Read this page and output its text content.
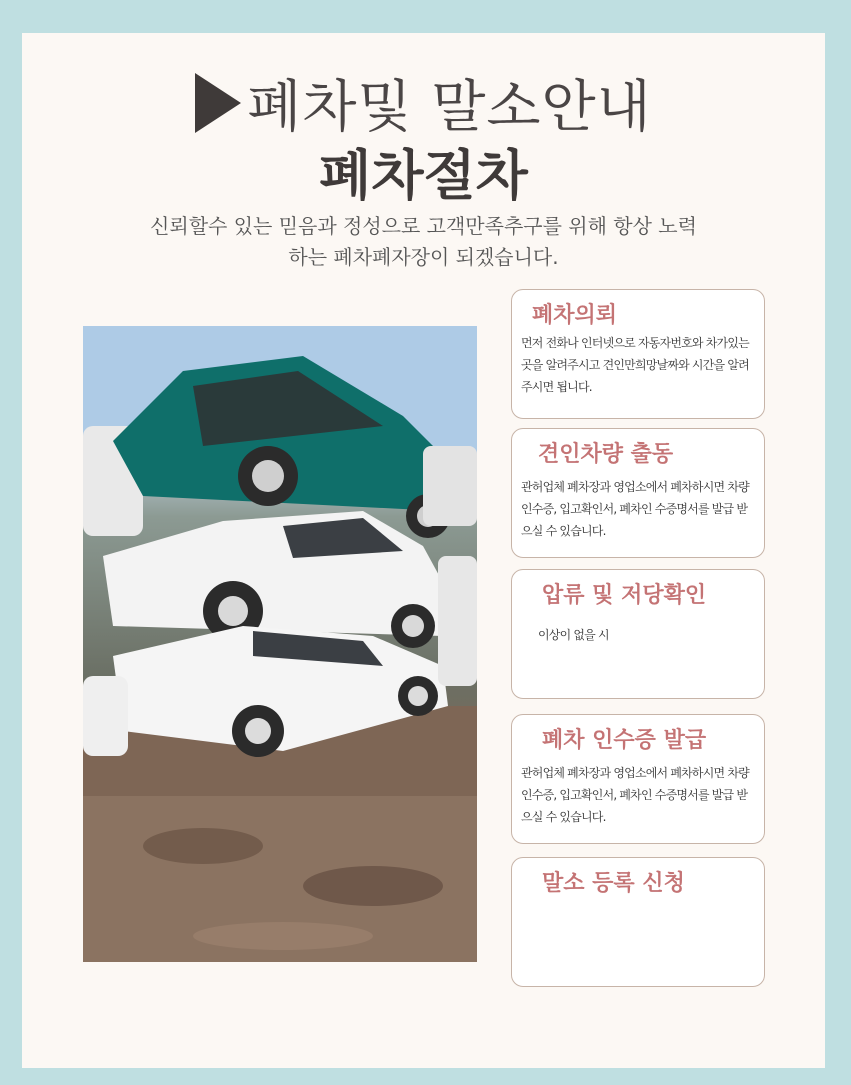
폐차및 말소안내
폐차절차
신뢰할수 있는 믿음과 정성으로 고객만족추구를 위해 항상 노력
하는 폐차폐자장이 되겠습니다.
폐차의뢰
먼저 전화나 인터넷으로 자동자번호와 차가있는 곳을 알려주시고 견인만희망날짜와 시간을 알려주시면 됩니다.
견인차량 출동
관허업체 폐차장과 영업소에서 폐차하시면 차량인수증, 입고확인서, 폐차인 수증명서를 발급 받으실 수 있습니다.
압류 및 저당확인
이상이 없을 시
폐차 인수증 발급
관허업체 폐차장과 영업소에서 폐차하시면 차량인수증, 입고확인서, 폐차인 수증명서를 발급 받으실 수 있습니다.
말소 등록 신청
